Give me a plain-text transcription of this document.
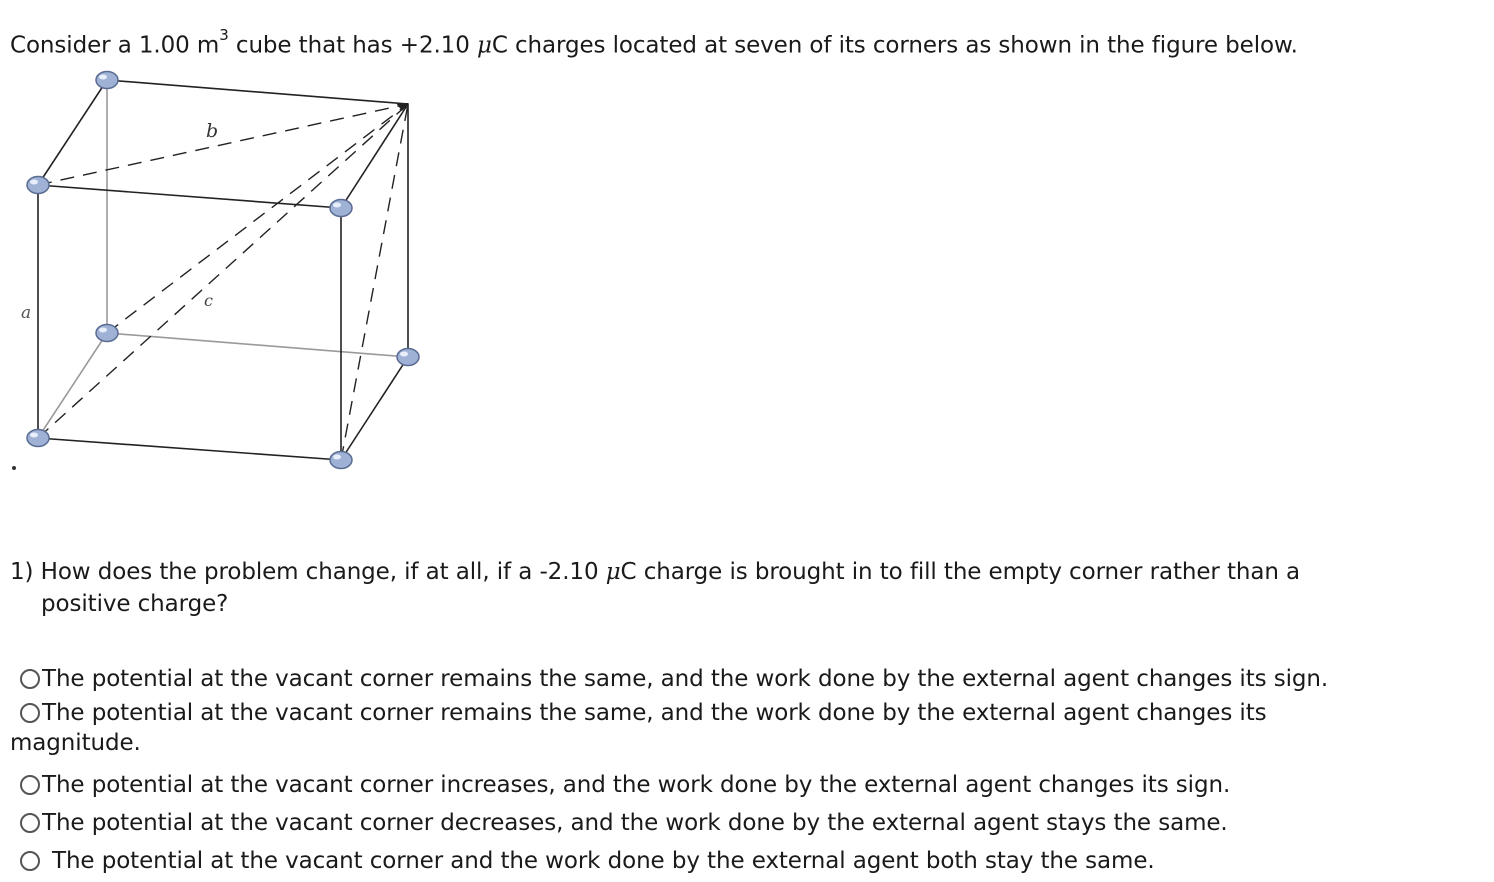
Consider a 1.00 $m^3$ cube that has +2.10 μC charges located at seven of its corners as shown in the figure below.
a
b
c
1) How does the problem change, if at all, if a -2.10 μC charge is brought in to fill the empty corner rather than a
positive charge?
The potential at the vacant corner remains the same, and the work done by the external agent changes its sign.
The potential at the vacant corner remains the same, and the work done by the external agent changes its magnitude.
The potential at the vacant corner increases, and the work done by the external agent changes its sign.
The potential at the vacant corner decreases, and the work done by the external agent stays the same.
The potential at the vacant corner and the work done by the external agent both stay the same.
